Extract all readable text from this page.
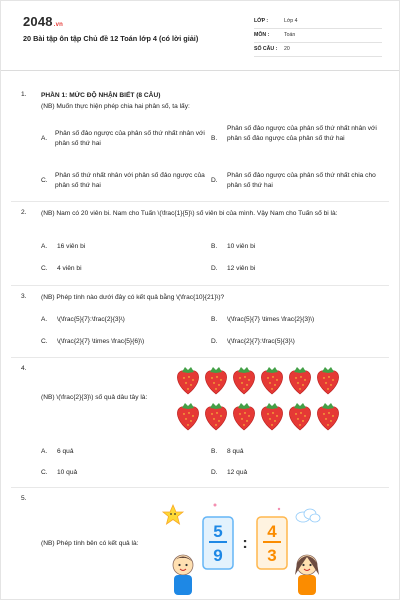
2048.vn
20 Bài tập ôn tập Chủ đề 12 Toán lớp 4 (có lời giải)
LỚP :	Lớp 4
MÔN :	Toán
SỐ CÂU : 20
1. PHẦN 1: MỨC ĐỘ NHẬN BIẾT (8 CÂU)
(NB) Muốn thực hiện phép chia hai phân số, ta lấy:
A.
Phân số đảo ngược của phân số thứ nhất nhân với phân số thứ hai
B.
Phân số đảo ngược của phân số thứ nhất nhân với phân số đảo ngược của phân số thứ hai
C.
Phân số thứ nhất nhân với phân số đảo ngược của phân số thứ hai
D.
Phân số đảo ngược của phân số thứ nhất chia cho phân số thứ hai
2. (NB) Nam có 20 viên bi. Nam cho Tuấn \(\frac{1}{5}\) số viên bi của mình. Vậy Nam cho Tuấn số bi là:
A.	16 viên bi	B.	10 viên bi
C.	4 viên bi	D.	12 viên bi
3. (NB) Phép tính nào dưới đây có kết quả bằng \(\frac{10}{21}\)?
A.	\(\frac{5}{7}:\frac{2}{3}\)	B.	\(\frac{5}{7} \times \frac{2}{3}\)
C.	\(\frac{2}{7} \times \frac{5}{6}\)	D.	\(\frac{2}{7}:\frac{5}{3}\)
4.
(NB) \(\frac{2}{3}\) số quả dâu tây là:
A.	6 quả	B.	8 quả
C.	10 quả	D.	12 quả
5.
(NB) Phép tính bên có kết quả là:
5
9
:
4
3
